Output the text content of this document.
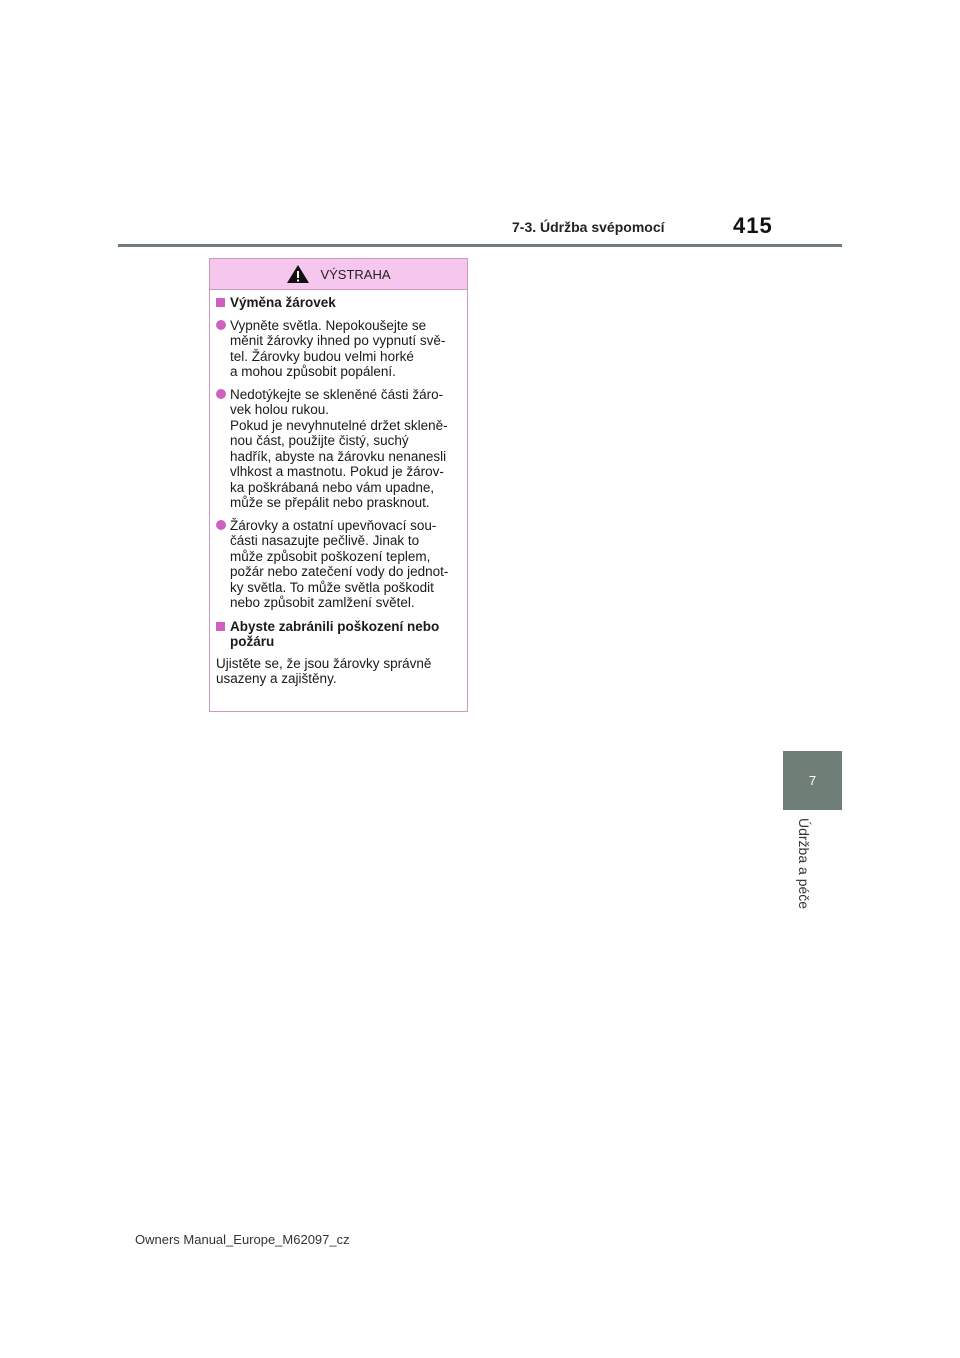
7-3. Údržba svépomocí	415
7
Údržba a péče
VÝSTRAHA
Výměna žárovek
Vypněte světla. Nepokoušejte se
měnit žárovky ihned po vypnutí svě-
tel. Žárovky budou velmi horké
a mohou způsobit popálení.
Nedotýkejte se skleněné části žáro-
vek holou rukou.
Pokud je nevyhnutelné držet skleně-
nou část, použijte čistý, suchý
hadřík, abyste na žárovku nenanesli
vlhkost a mastnotu. Pokud je žárov-
ka poškrábaná nebo vám upadne,
může se přepálit nebo prasknout.
Žárovky a ostatní upevňovací sou-
části nasazujte pečlivě. Jinak to
může způsobit poškození teplem,
požár nebo zatečení vody do jednot-
ky světla. To může světla poškodit
nebo způsobit zamlžení světel.
Abyste zabránili poškození nebo
požáru
Ujistěte se, že jsou žárovky správně
usazeny a zajištěny.
Owners Manual_Europe_M62097_cz
